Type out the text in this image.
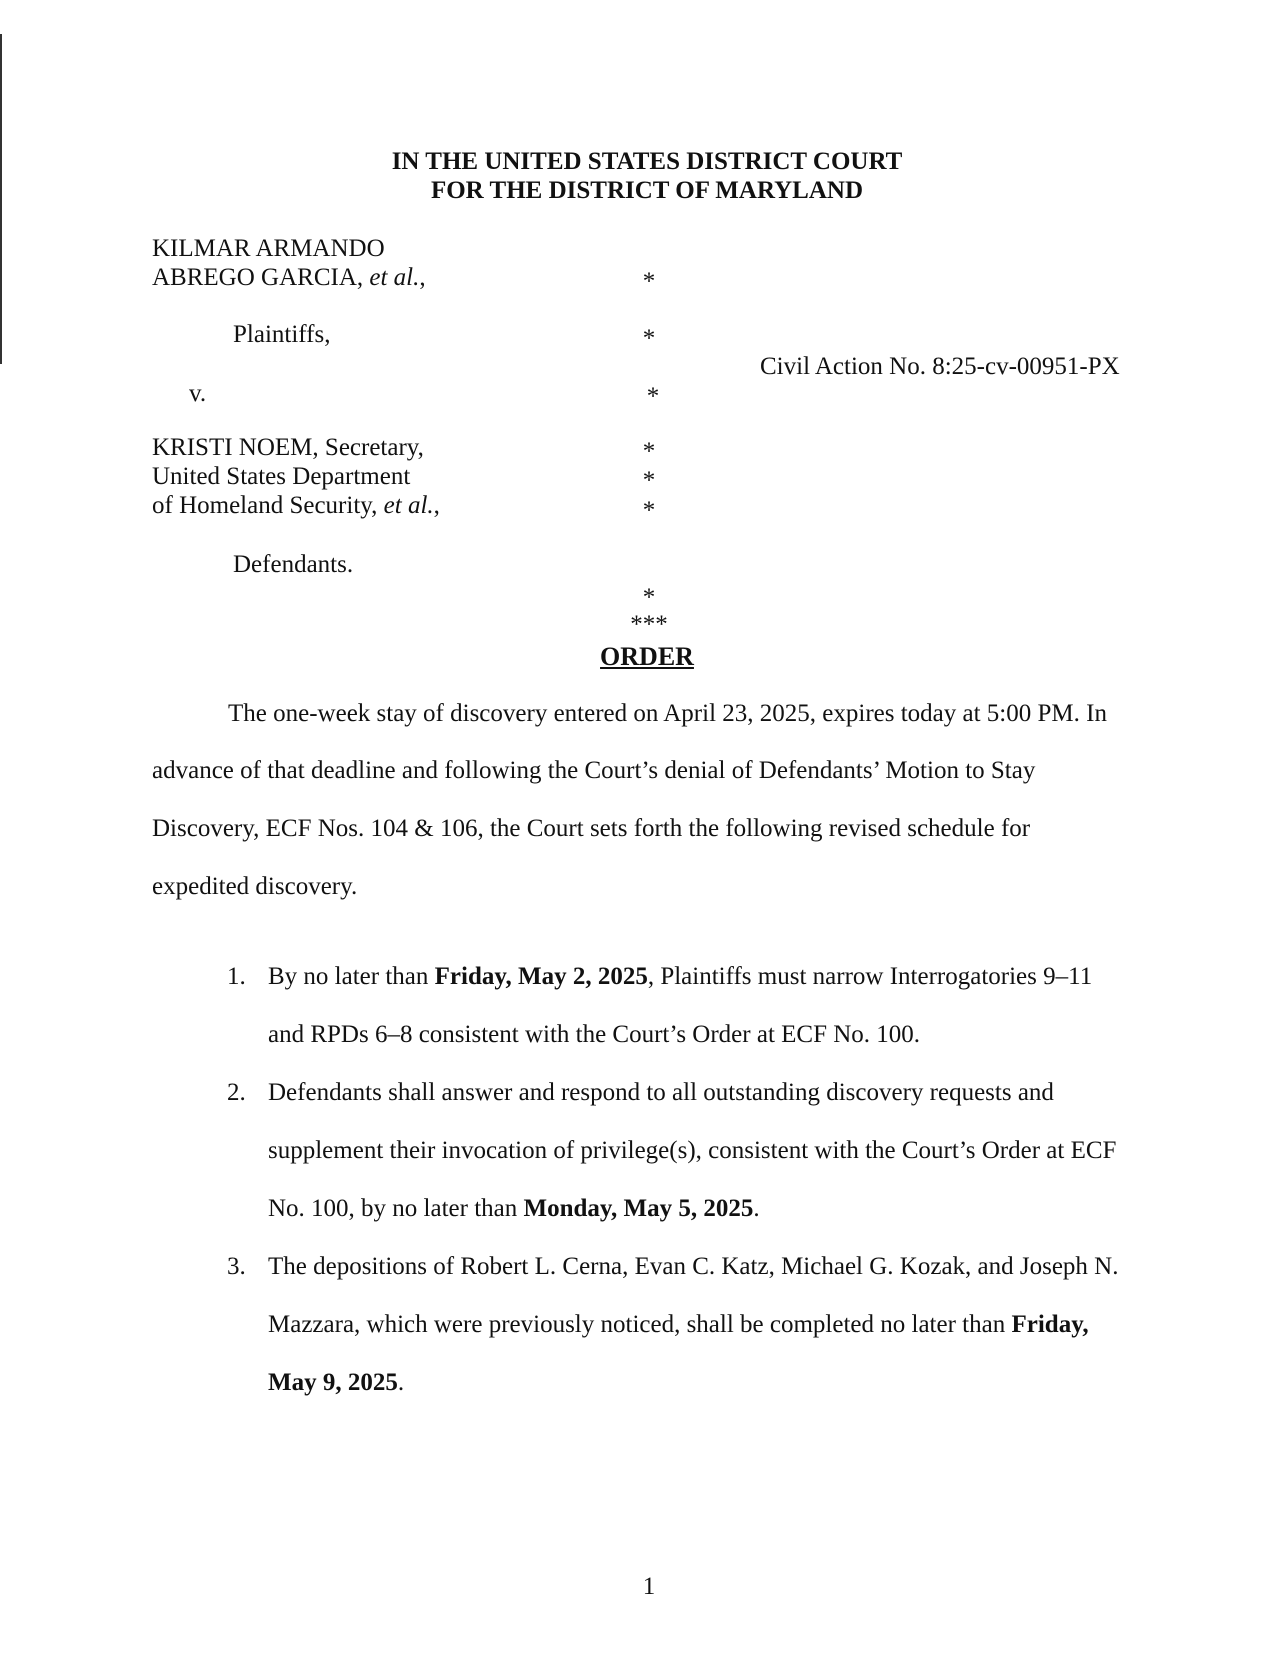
IN THE UNITED STATES DISTRICT COURT
FOR THE DISTRICT OF MARYLAND
KILMAR ARMANDO
ABREGO GARCIA, et al.,
Plaintiffs,
v.
KRISTI NOEM, Secretary,
United States Department
of Homeland Security, et al.,
Defendants.
*
*
*
*
*
*
*
***
Civil Action No. 8:25-cv-00951-PX
ORDER
The one-week stay of discovery entered on April 23, 2025, expires today at 5:00 PM. In
advance of that deadline and following the Court’s denial of Defendants’ Motion to Stay
Discovery, ECF Nos. 104 & 106, the Court sets forth the following revised schedule for
expedited discovery.
1. By no later than Friday, May 2, 2025, Plaintiffs must narrow Interrogatories 9–11
and RPDs 6–8 consistent with the Court’s Order at ECF No. 100.
2. Defendants shall answer and respond to all outstanding discovery requests and
supplement their invocation of privilege(s), consistent with the Court’s Order at ECF
No. 100, by no later than Monday, May 5, 2025.
3. The depositions of Robert L. Cerna, Evan C. Katz, Michael G. Kozak, and Joseph N.
Mazzara, which were previously noticed, shall be completed no later than Friday,
May 9, 2025.
1
